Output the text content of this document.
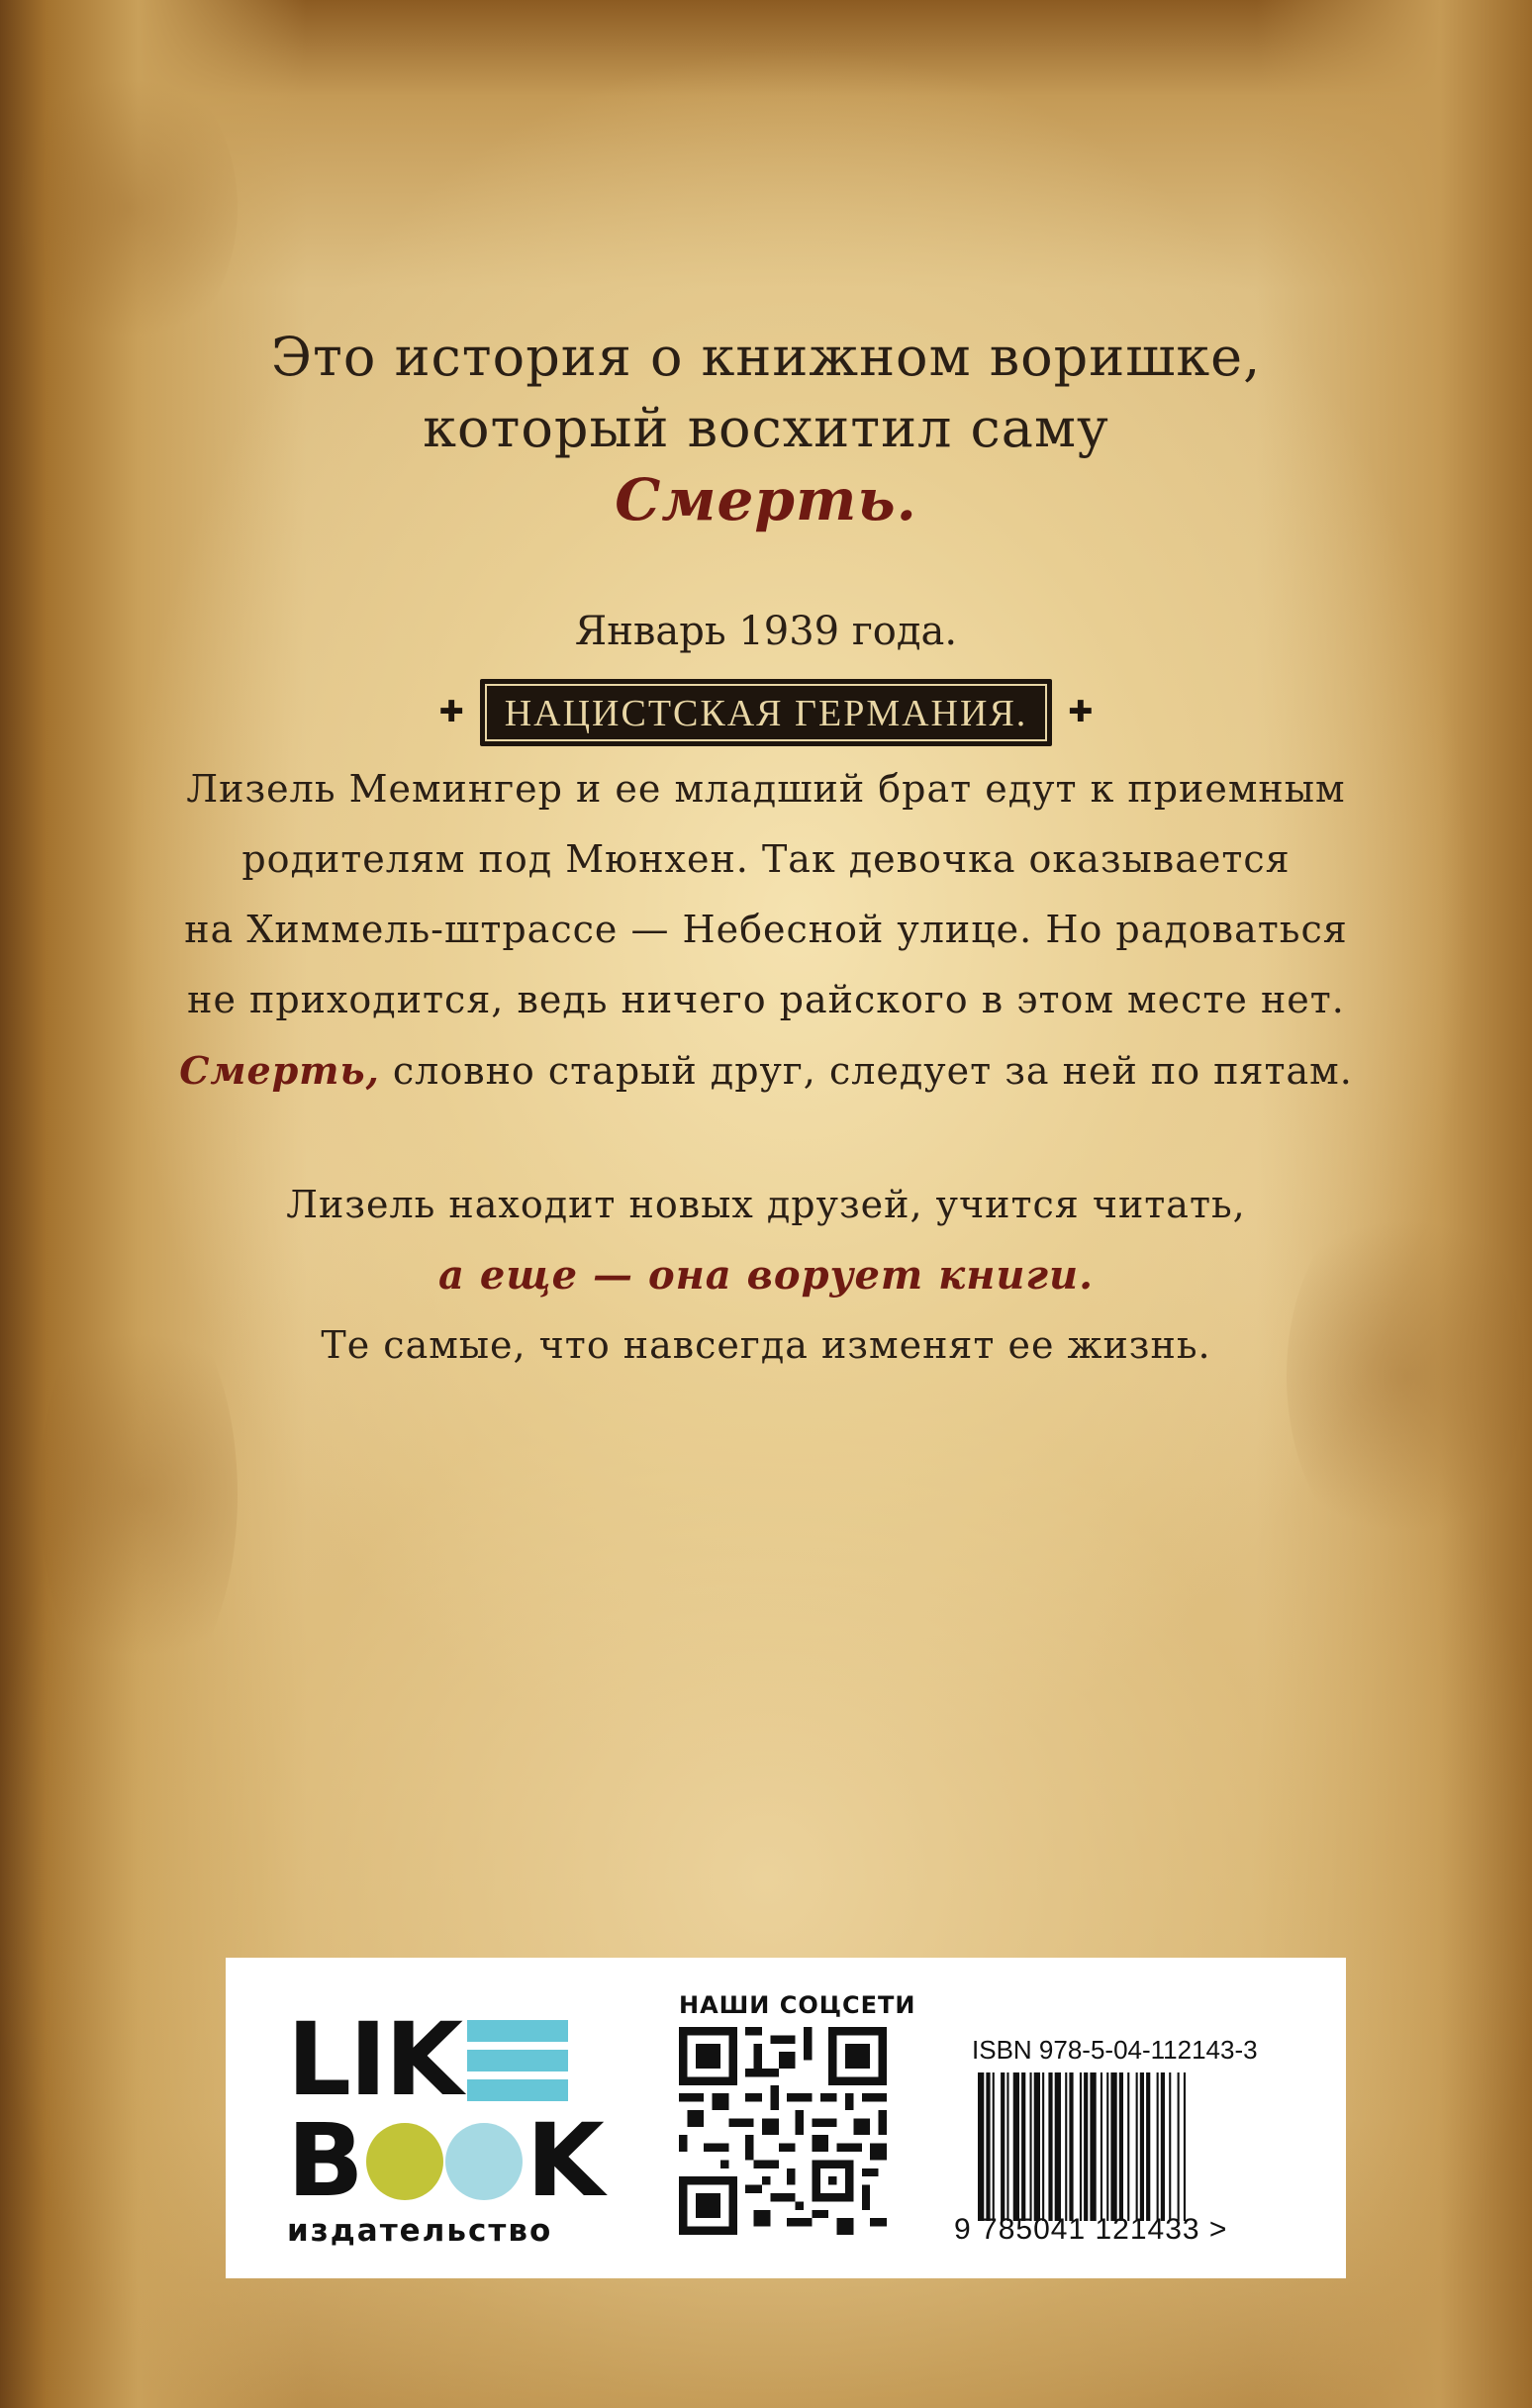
Это история о книжном воришке,
который восхитил саму
Смерть.
Январь 1939 года.
✚	НАЦИСТСКАЯ ГЕРМАНИЯ.	✚
Лизель Мемингер и ее младший брат едут к приемным
родителям под Мюнхен. Так девочка оказывается
на Химмель-штрассе — Небесной улице. Но радоваться
не приходится, ведь ничего райского в этом месте нет.
Смерть, словно старый друг, следует за ней по пятам.
Лизель находит новых друзей, учится читать,
а еще — она ворует книги.
Те самые, что навсегда изменят ее жизнь.
LIK
B K
издательство
НАШИ СОЦСЕТИ
ISBN 978-5-04-112143-3
9 785041 121433 >
